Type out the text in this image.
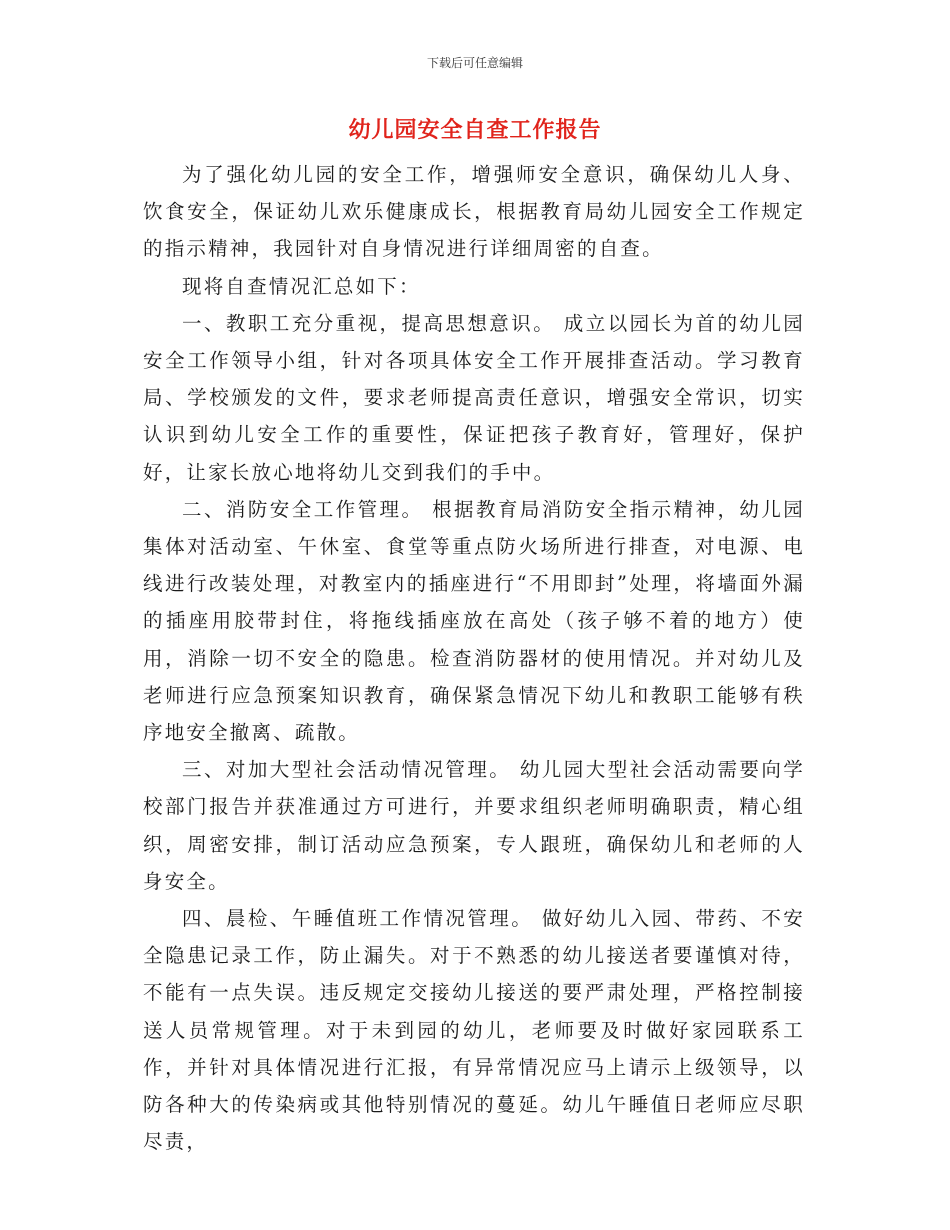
下载后可任意编辑
幼儿园安全自查工作报告

为了强化幼儿园的安全工作，增强师安全意识，确保幼儿人身、饮食安全，保证幼儿欢乐健康成长，根据教育局幼儿园安全工作规定的指示精神，我园针对自身情况进行详细周密的自查。

现将自查情况汇总如下：

一、教职工充分重视，提高思想意识。 成立以园长为首的幼儿园安全工作领导小组，针对各项具体安全工作开展排查活动。学习教育局、学校颁发的文件，要求老师提高责任意识，增强安全常识，切实认识到幼儿安全工作的重要性，保证把孩子教育好，管理好，保护好，让家长放心地将幼儿交到我们的手中。

二、消防安全工作管理。 根据教育局消防安全指示精神，幼儿园集体对活动室、午休室、食堂等重点防火场所进行排查，对电源、电线进行改装处理，对教室内的插座进行“不用即封”处理，将墙面外漏的插座用胶带封住，将拖线插座放在高处（孩子够不着的地方）使用，消除一切不安全的隐患。检查消防器材的使用情况。并对幼儿及老师进行应急预案知识教育，确保紧急情况下幼儿和教职工能够有秩序地安全撤离、疏散。

三、对加大型社会活动情况管理。 幼儿园大型社会活动需要向学校部门报告并获准通过方可进行，并要求组织老师明确职责，精心组织，周密安排，制订活动应急预案，专人跟班，确保幼儿和老师的人身安全。

四、晨检、午睡值班工作情况管理。 做好幼儿入园、带药、不安全隐患记录工作，防止漏失。对于不熟悉的幼儿接送者要谨慎对待，不能有一点失误。违反规定交接幼儿接送的要严肃处理，严格控制接送人员常规管理。对于未到园的幼儿，老师要及时做好家园联系工作，并针对具体情况进行汇报，有异常情况应马上请示上级领导，以防各种大的传染病或其他特别情况的蔓延。幼儿午睡值日老师应尽职尽责，
